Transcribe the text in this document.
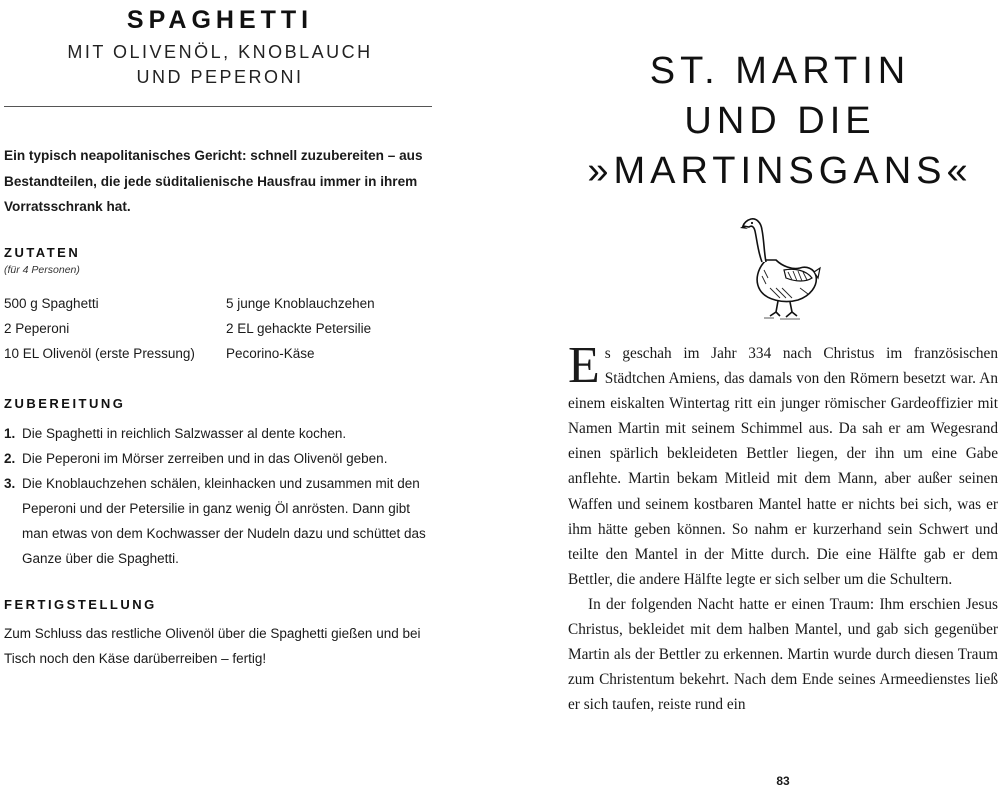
SPAGHETTI
MIT OLIVENÖL, KNOBLAUCH
UND PEPERONI
Ein typisch neapolitanisches Gericht: schnell zuzubereiten – aus Bestandteilen, die jede süditalienische Hausfrau immer in ihrem Vorratsschrank hat.
ZUTATEN
(für 4 Personen)
500 g Spaghetti	5 junge Knoblauchzehen
2 Peperoni	2 EL gehackte Petersilie
10 EL Olivenöl (erste Pressung) Pecorino-Käse
ZUBEREITUNG
1. Die Spaghetti in reichlich Salzwasser al dente kochen.
2. Die Peperoni im Mörser zerreiben und in das Olivenöl geben.
3. Die Knoblauchzehen schälen, kleinhacken und zusammen mit den Peperoni und der Petersilie in ganz wenig Öl anrösten. Dann gibt man etwas von dem Kochwasser der Nudeln dazu und schüttet das Ganze über die Spaghetti.
FERTIGSTELLUNG
Zum Schluss das restliche Olivenöl über die Spaghetti gießen und bei Tisch noch den Käse darüberreiben – fertig!
ST. MARTIN
UND DIE
»MARTINSGANS«

Es geschah im Jahr 334 nach Christus im französischen Städtchen Amiens, das damals von den Römern besetzt war. An einem eiskalten Wintertag ritt ein junger römischer Gardeoffizier mit Namen Martin mit seinem Schimmel aus. Da sah er am Wegesrand einen spärlich bekleideten Bettler liegen, der ihn um eine Gabe anflehte. Martin bekam Mitleid mit dem Mann, aber außer seinen Waffen und seinem kostbaren Mantel hatte er nichts bei sich, was er ihm hätte geben können. So nahm er kurzerhand sein Schwert und teilte den Mantel in der Mitte durch. Die eine Hälfte gab er dem Bettler, die andere Hälfte legte er sich selber um die Schultern.

In der folgenden Nacht hatte er einen Traum: Ihm erschien Jesus Christus, bekleidet mit dem halben Mantel, und gab sich gegenüber Martin als der Bettler zu erkennen. Martin wurde durch diesen Traum zum Christentum bekehrt. Nach dem Ende seines Armeedienstes ließ er sich taufen, reiste rund ein

83
